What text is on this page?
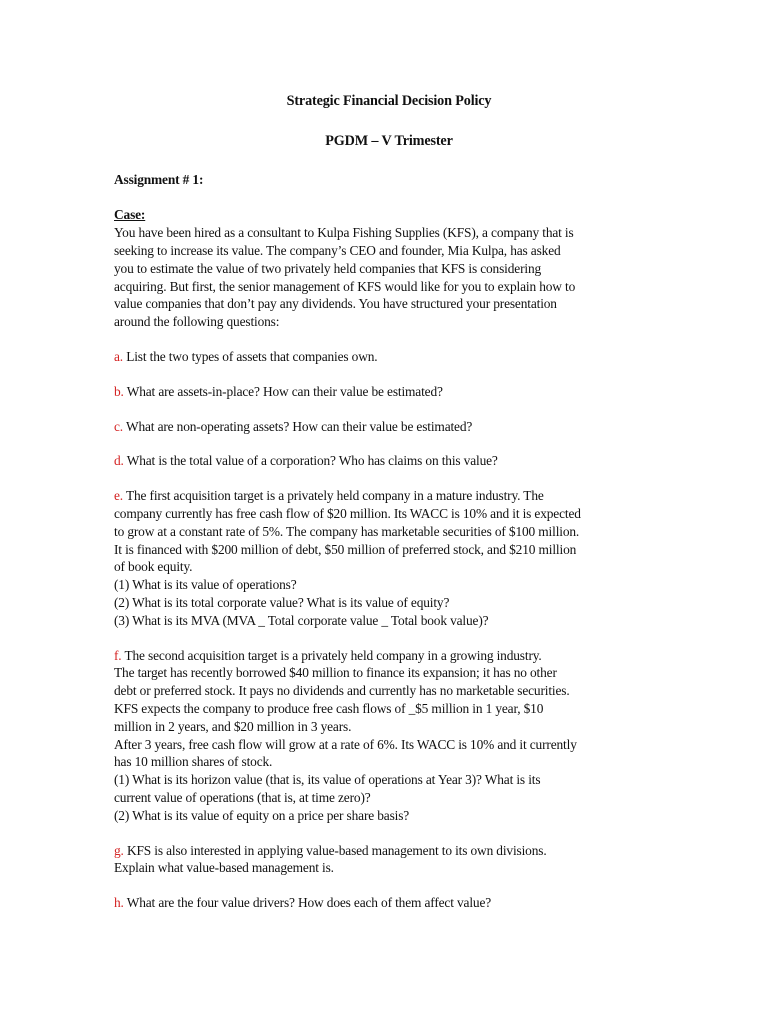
Strategic Financial Decision Policy
PGDM – V Trimester
Assignment # 1:
Case:
You have been hired as a consultant to Kulpa Fishing Supplies (KFS), a company that is
seeking to increase its value. The company’s CEO and founder, Mia Kulpa, has asked
you to estimate the value of two privately held companies that KFS is considering
acquiring. But first, the senior management of KFS would like for you to explain how to
value companies that don’t pay any dividends. You have structured your presentation
around the following questions:
a. List the two types of assets that companies own.
b. What are assets-in-place? How can their value be estimated?
c. What are non-operating assets? How can their value be estimated?
d. What is the total value of a corporation? Who has claims on this value?
e. The first acquisition target is a privately held company in a mature industry. The
company currently has free cash flow of $20 million. Its WACC is 10% and it is expected
to grow at a constant rate of 5%. The company has marketable securities of $100 million.
It is financed with $200 million of debt, $50 million of preferred stock, and $210 million
of book equity.
(1) What is its value of operations?
(2) What is its total corporate value? What is its value of equity?
(3) What is its MVA (MVA _ Total corporate value _ Total book value)?
f. The second acquisition target is a privately held company in a growing industry.
The target has recently borrowed $40 million to finance its expansion; it has no other
debt or preferred stock. It pays no dividends and currently has no marketable securities.
KFS expects the company to produce free cash flows of _$5 million in 1 year, $10
million in 2 years, and $20 million in 3 years.
After 3 years, free cash flow will grow at a rate of 6%. Its WACC is 10% and it currently
has 10 million shares of stock.
(1) What is its horizon value (that is, its value of operations at Year 3)? What is its
current value of operations (that is, at time zero)?
(2) What is its value of equity on a price per share basis?
g. KFS is also interested in applying value-based management to its own divisions.
Explain what value-based management is.
h. What are the four value drivers? How does each of them affect value?
